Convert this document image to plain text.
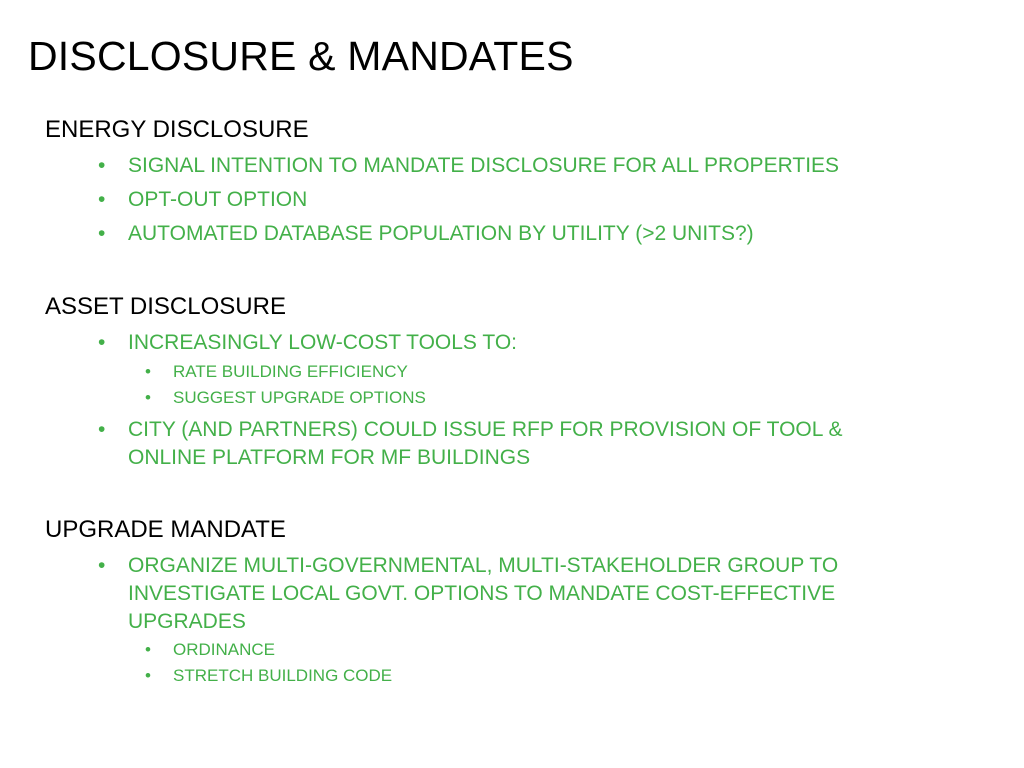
DISCLOSURE & MANDATES
ENERGY DISCLOSURE

• SIGNAL INTENTION TO MANDATE DISCLOSURE FOR ALL PROPERTIES

• OPT-OUT OPTION

• AUTOMATED DATABASE POPULATION BY UTILITY (>2 UNITS?)

ASSET DISCLOSURE

• INCREASINGLY LOW-COST TOOLS TO:

• RATE BUILDING EFFICIENCY

• SUGGEST UPGRADE OPTIONS

• CITY (AND PARTNERS) COULD ISSUE RFP FOR PROVISION OF TOOL &
ONLINE PLATFORM FOR MF BUILDINGS

UPGRADE MANDATE

• ORGANIZE MULTI-GOVERNMENTAL, MULTI-STAKEHOLDER GROUP TO
INVESTIGATE LOCAL GOVT. OPTIONS TO MANDATE COST-EFFECTIVE
UPGRADES

• ORDINANCE

• STRETCH BUILDING CODE
